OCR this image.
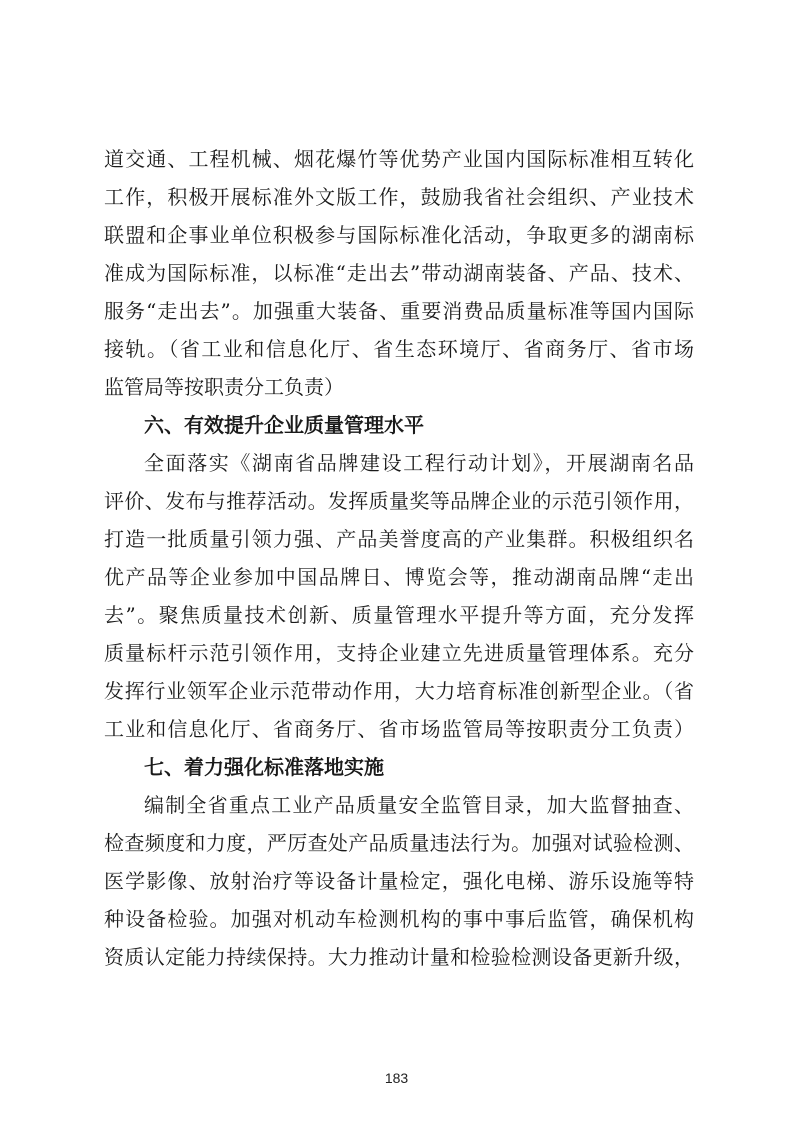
道交通、工程机械、烟花爆竹等优势产业国内国际标准相互转化
工作，积极开展标准外文版工作，鼓励我省社会组织、产业技术
联盟和企事业单位积极参与国际标准化活动，争取更多的湖南标
准成为国际标准，以标准“走出去”带动湖南装备、产品、技术、
服务“走出去”。加强重大装备、重要消费品质量标准等国内国际
接轨。（省工业和信息化厅、省生态环境厅、省商务厅、省市场
监管局等按职责分工负责）
六、有效提升企业质量管理水平
全面落实《湖南省品牌建设工程行动计划》，开展湖南名品
评价、发布与推荐活动。发挥质量奖等品牌企业的示范引领作用，
打造一批质量引领力强、产品美誉度高的产业集群。积极组织名
优产品等企业参加中国品牌日、博览会等，推动湖南品牌“走出
去”。聚焦质量技术创新、质量管理水平提升等方面，充分发挥
质量标杆示范引领作用，支持企业建立先进质量管理体系。充分
发挥行业领军企业示范带动作用，大力培育标准创新型企业。（省
工业和信息化厅、省商务厅、省市场监管局等按职责分工负责）
七、着力强化标准落地实施
编制全省重点工业产品质量安全监管目录，加大监督抽查、
检查频度和力度，严厉查处产品质量违法行为。加强对试验检测、
医学影像、放射治疗等设备计量检定，强化电梯、游乐设施等特
种设备检验。加强对机动车检测机构的事中事后监管，确保机构
资质认定能力持续保持。大力推动计量和检验检测设备更新升级，
183
